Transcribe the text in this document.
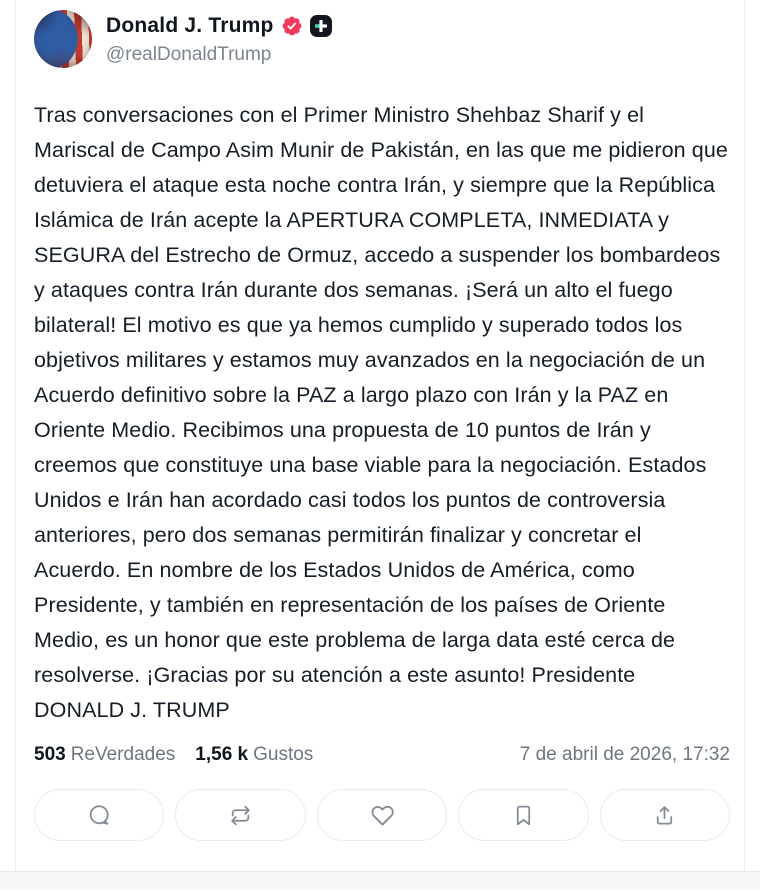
Donald J. Trump
@realDonaldTrump
Tras conversaciones con el Primer Ministro Shehbaz Sharif y el Mariscal de Campo Asim Munir de Pakistán, en las que me pidieron que detuviera el ataque esta noche contra Irán, y siempre que la República Islámica de Irán acepte la APERTURA COMPLETA, INMEDIATA y SEGURA del Estrecho de Ormuz, accedo a suspender los bombardeos y ataques contra Irán durante dos semanas. ¡Será un alto el fuego bilateral! El motivo es que ya hemos cumplido y superado todos los objetivos militares y estamos muy avanzados en la negociación de un Acuerdo definitivo sobre la PAZ a largo plazo con Irán y la PAZ en Oriente Medio. Recibimos una propuesta de 10 puntos de Irán y creemos que constituye una base viable para la negociación. Estados Unidos e Irán han acordado casi todos los puntos de controversia anteriores, pero dos semanas permitirán finalizar y concretar el Acuerdo. En nombre de los Estados Unidos de América, como Presidente, y también en representación de los países de Oriente Medio, es un honor que este problema de larga data esté cerca de resolverse. ¡Gracias por su atención a este asunto! Presidente DONALD J. TRUMP
503 ReVerdades 1,56 k Gustos	7 de abril de 2026, 17:32
